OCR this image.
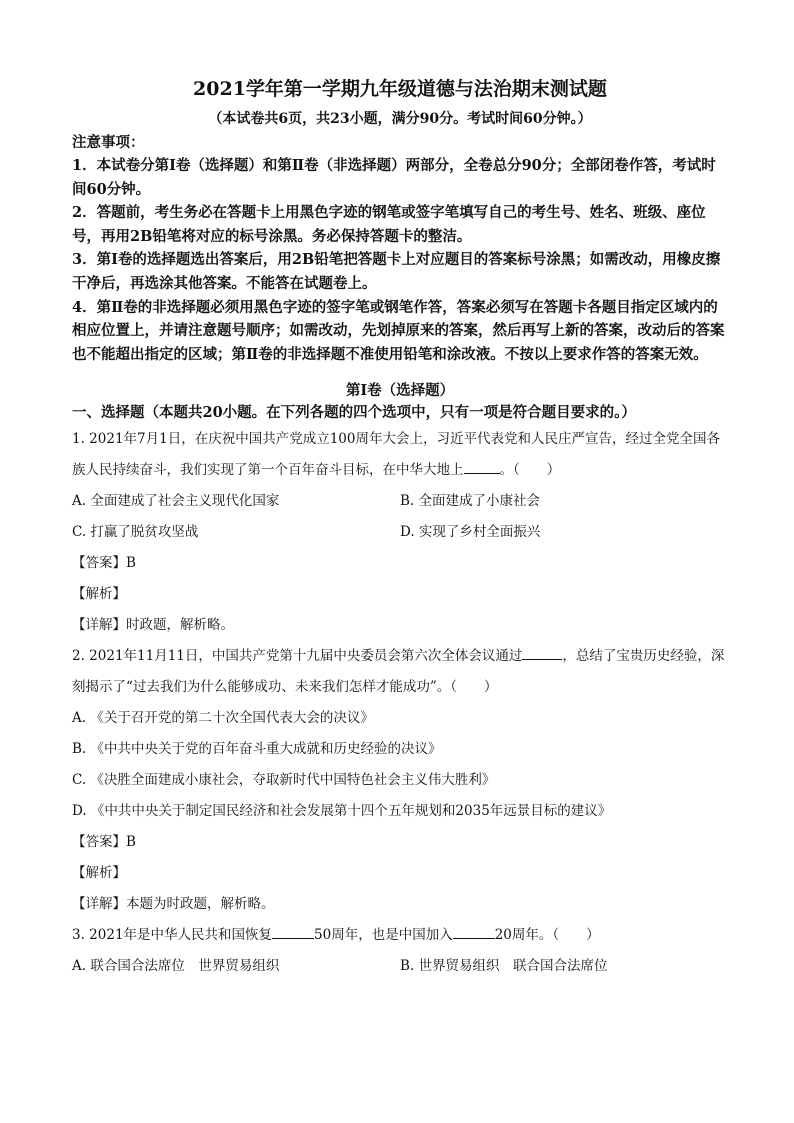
2021学年第一学期九年级道德与法治期末测试题
（本试卷共6页，共23小题，满分90分。考试时间60分钟。）
注意事项：

1．本试卷分第Ⅰ卷（选择题）和第Ⅱ卷（非选择题）两部分，全卷总分90分；全部闭卷作答，考试时间60分钟。

2．答题前，考生务必在答题卡上用黑色字迹的钢笔或签字笔填写自己的考生号、姓名、班级、座位号，再用2B铅笔将对应的标号涂黑。务必保持答题卡的整洁。

3．第Ⅰ卷的选择题选出答案后，用2B铅笔把答题卡上对应题目的答案标号涂黑；如需改动，用橡皮擦干净后，再选涂其他答案。不能答在试题卷上。

4．第Ⅱ卷的非选择题必须用黑色字迹的签字笔或钢笔作答，答案必须写在答题卡各题目指定区域内的相应位置上，并请注意题号顺序；如需改动，先划掉原来的答案，然后再写上新的答案，改动后的答案也不能超出指定的区域；第Ⅱ卷的非选择题不准使用铅笔和涂改液。不按以上要求作答的答案无效。

第Ⅰ卷（选择题）
一、选择题（本题共20小题。在下列各题的四个选项中，只有一项是符合题目要求的。）

1. 2021年7月1日，在庆祝中国共产党成立100周年大会上，习近平代表党和人民庄严宣告，经过全党全国各族人民持续奋斗，我们实现了第一个百年奋斗目标，在中华大地上	。（　　）

A. 全面建成了社会主义现代化国家	B. 全面建成了小康社会
C. 打赢了脱贫攻坚战	D. 实现了乡村全面振兴
【答案】B
【解析】
【详解】时政题，解析略。

2. 2021年11月11日，中国共产党第十九届中央委员会第六次全体会议通过	，总结了宝贵历史经验，深刻揭示了“过去我们为什么能够成功、未来我们怎样才能成功”。（　　）

A. 《关于召开党的第二十次全国代表大会的决议》
B. 《中共中央关于党的百年奋斗重大成就和历史经验的决议》
C. 《决胜全面建成小康社会，夺取新时代中国特色社会主义伟大胜利》
D. 《中共中央关于制定国民经济和社会发展第十四个五年规划和2035年远景目标的建议》
【答案】B
【解析】
【详解】本题为时政题，解析略。

3. 2021年是中华人民共和国恢复	50周年，也是中国加入	20周年。（　　）

A. 联合国合法席位　世界贸易组织	B. 世界贸易组织　联合国合法席位
